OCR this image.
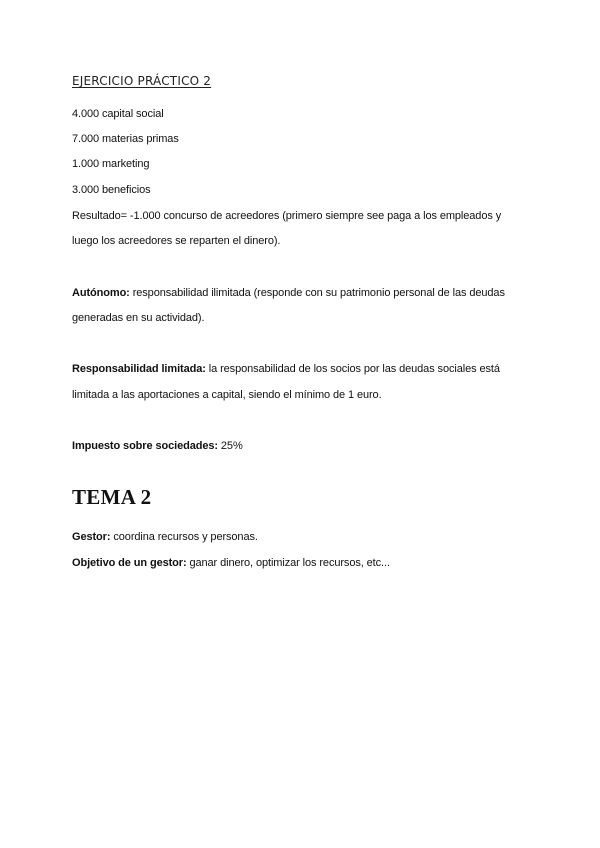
EJERCICIO PRÁCTICO 2
4.000 capital social
7.000 materias primas
1.000 marketing
3.000 beneficios
Resultado= -1.000 concurso de acreedores (primero siempre see paga a los empleados y
luego los acreedores se reparten el dinero).
Autónomo: responsabilidad ilimitada (responde con su patrimonio personal de las deudas
generadas en su actividad).
Responsabilidad limitada: la responsabilidad de los socios por las deudas sociales está
limitada a las aportaciones a capital, siendo el mínimo de 1 euro.
Impuesto sobre sociedades: 25%
TEMA 2
Gestor: coordina recursos y personas.
Objetivo de un gestor: ganar dinero, optimizar los recursos, etc...
